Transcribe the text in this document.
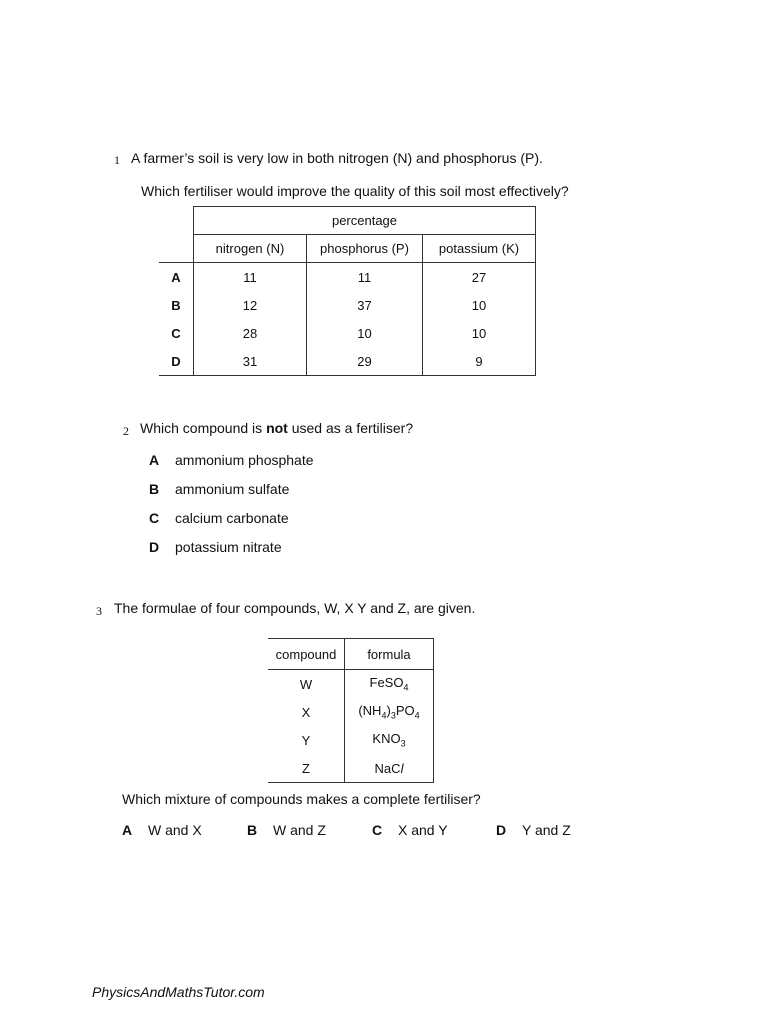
1 A farmer’s soil is very low in both nitrogen (N) and phosphorus (P).
Which fertiliser would improve the quality of this soil most effectively?
	percentage		
	nitrogen (N)	phosphorus (P)	potassium (K)
A	11	11	27
B	12	37	10
C	28	10	10
D	31	29	9
2 Which compound is not used as a fertiliser?
A ammonium phosphate
B ammonium sulfate
C calcium carbonate
D potassium nitrate
3 The formulae of four compounds, W, X Y and Z, are given.
compound	formula
W	FeSO$_4$
X	$(NH_4)_3PO_4$
Y	$KNO_3$
Z	NaCl
Which mixture of compounds makes a complete fertiliser?
A W and X	B W and Z	C X and Y	D Y and Z
PhysicsAndMathsTutor.com
